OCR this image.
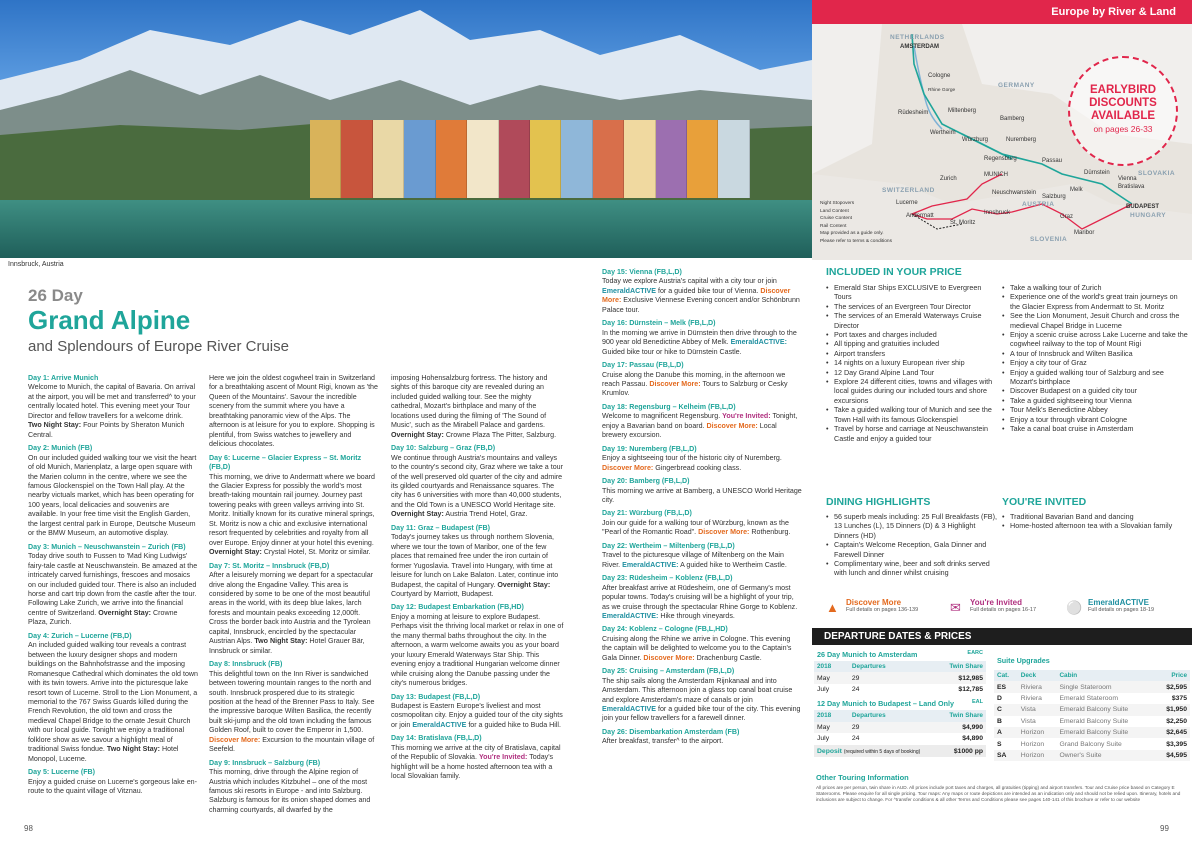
Innsbruck, Austria
26 Day
Grand Alpine
and Splendours of Europe River Cruise
Day 1: Arrive Munich
Welcome to Munich, the capital of Bavaria. On arrival at the airport, you will be met and transferred^ to your centrally located hotel. This evening meet your Tour Director and fellow travellers for a welcome drink. Two Night Stay: Four Points by Sheraton Munich Central.
Day 2: Munich (FB)
On our included guided walking tour we visit the heart of old Munich, Marienplatz, a large open square with the Marien column in the centre, where we see the famous Glockenspiel on the Town Hall play. At the nearby victuals market, which has been operating for 100 years, local delicacies and souvenirs are available. In your free time visit the English Garden, the largest central park in Europe, Deutsche Museum or the BMW Museum, an automotive display.
Day 3: Munich – Neuschwanstein – Zurich (FB)
Today drive south to Fussen to 'Mad King Ludwigs' fairy-tale castle at Neuschwanstein. Be amazed at the intricately carved furnishings, frescoes and mosaics on our included guided tour. There is also an included horse and cart trip down from the castle after the tour. Following Lake Zurich, we arrive into the financial centre of Switzerland. Overnight Stay: Crowne Plaza, Zurich.
Day 4: Zurich – Lucerne (FB,D)
An included guided walking tour reveals a contrast between the luxury designer shops and modern buildings on the Bahnhofstrasse and the imposing Romanesque Cathedral which dominates the old town with its twin towers. Arrive into the picturesque lake resort town of Lucerne. Stroll to the Lion Monument, a memorial to the 767 Swiss Guards killed during the French Revolution, the old town and cross the medieval Chapel Bridge to the ornate Jesuit Church with our local guide. Tonight we enjoy a traditional folklore show as we savour a highlight meal of traditional Swiss fondue. Two Night Stay: Hotel Monopol, Lucerne.
Day 5: Lucerne (FB)
Enjoy a guided cruise on Lucerne's gorgeous lake en-route to the quaint village of Vitznau.
Here we join the oldest cogwheel train in Switzerland for a breathtaking ascent of Mount Rigi, known as 'the Queen of the Mountains'. Savour the incredible scenery from the summit where you have a breathtaking panoramic view of the Alps. The afternoon is at leisure for you to explore. Shopping is plentiful, from Swiss watches to jewellery and delicious chocolates.
Day 6: Lucerne – Glacier Express – St. Moritz (FB,D)
This morning, we drive to Andermatt where we board the Glacier Express for possibly the world's most breath-taking mountain rail journey. Journey past towering peaks with green valleys arriving into St. Moritz. Initially known for its curative mineral springs, St. Moritz is now a chic and exclusive international resort frequented by celebrities and royalty from all over Europe. Enjoy dinner at your hotel this evening. Overnight Stay: Crystal Hotel, St. Moritz or similar.
Day 7: St. Moritz – Innsbruck (FB,D)
After a leisurely morning we depart for a spectacular drive along the Engadine Valley. This area is considered by some to be one of the most beautiful areas in the world, with its deep blue lakes, larch forests and mountain peaks exceeding 12,000ft. Cross the border back into Austria and the Tyrolean capital, Innsbruck, encircled by the spectacular Austrian Alps. Two Night Stay: Hotel Grauer Bär, Innsbruck or similar.
Day 8: Innsbruck (FB)
This delightful town on the Inn River is sandwiched between towering mountain ranges to the north and south. Innsbruck prospered due to its strategic position at the head of the Brenner Pass to Italy. See the impressive baroque Wilten Basilica, the recently built ski-jump and the old town including the famous Golden Roof, built to cover the Emperor in 1,500. Discover More: Excursion to the mountain village of Seefeld.
Day 9: Innsbruck – Salzburg (FB)
This morning, drive through the Alpine region of Austria which includes Kitzbuhel – one of the most famous ski resorts in Europe - and into Salzburg. Salzburg is famous for its onion shaped domes and charming courtyards, all dwarfed by the
imposing Hohensalzburg fortress. The history and sights of this baroque city are revealed during an included guided walking tour. See the mighty cathedral, Mozart's birthplace and many of the locations used during the filming of 'The Sound of Music', such as the Mirabell Palace and gardens. Overnight Stay: Crowne Plaza The Pitter, Salzburg.
Day 10: Salzburg – Graz (FB,D)
We continue through Austria's mountains and valleys to the country's second city, Graz where we take a tour of the well preserved old quarter of the city and admire its gilded courtyards and Renaissance squares. The city has 6 universities with more than 40,000 students, and the Old Town is a UNESCO World Heritage site. Overnight Stay: Austria Trend Hotel, Graz.
Day 11: Graz – Budapest (FB)
Today's journey takes us through northern Slovenia, where we tour the town of Maribor, one of the few places that remained free under the iron curtain of former Yugoslavia. Travel into Hungary, with time at leisure for lunch on Lake Balaton. Later, continue into Budapest, the capital of Hungary. Overnight Stay: Courtyard by Marriott, Budapest.
Day 12: Budapest Embarkation (FB,HD)
Enjoy a morning at leisure to explore Budapest. Perhaps visit the thriving local market or relax in one of the many thermal baths throughout the city. In the afternoon, a warm welcome awaits you as your board your luxury Emerald Waterways Star Ship. This evening enjoy a traditional Hungarian welcome dinner while cruising along the Danube passing under the city's numerous bridges.
Day 13: Budapest (FB,L,D)
Budapest is Eastern Europe's liveliest and most cosmopolitan city. Enjoy a guided tour of the city sights or join EmeraldACTIVE for a guided hike to Buda Hill.
Day 14: Bratislava (FB,L,D)
This morning we arrive at the city of Bratislava, capital of the Republic of Slovakia. You're Invited: Today's highlight will be a home hosted afternoon tea with a local Slovakian family.
Day 15: Vienna (FB,L,D)
Today we explore Austria's capital with a city tour or join EmeraldACTIVE for a guided bike tour of Vienna. Discover More: Exclusive Viennese Evening concert and/or Schönbrunn Palace tour.
Day 16: Dürnstein – Melk (FB,L,D)
In the morning we arrive in Dürnstein then drive through to the 900 year old Benedictine Abbey of Melk. EmeraldACTIVE: Guided bike tour or hike to Dürnstein Castle.
Day 17: Passau (FB,L,D)
Cruise along the Danube this morning, in the afternoon we reach Passau. Discover More: Tours to Salzburg or Cesky Krumlov.
Day 18: Regensburg – Kelheim (FB,L,D)
Welcome to magnificent Regensburg. You're Invited: Tonight, enjoy a Bavarian band on board. Discover More: Local brewery excursion.
Day 19: Nuremberg (FB,L,D)
Enjoy a sightseeing tour of the historic city of Nuremberg. Discover More: Gingerbread cooking class.
Day 20: Bamberg (FB,L,D)
This morning we arrive at Bamberg, a UNESCO World Heritage city.
Day 21: Würzburg (FB,L,D)
Join our guide for a walking tour of Würzburg, known as the "Pearl of the Romantic Road". Discover More: Rothenburg.
Day 22: Wertheim – Miltenberg (FB,L,D)
Travel to the picturesque village of Miltenberg on the Main River. EmeraldACTIVE: A guided hike to Wertheim Castle.
Day 23: Rüdesheim – Koblenz (FB,L,D)
After breakfast arrive at Rüdesheim, one of Germany's most popular towns. Today's cruising will be a highlight of your trip, as we cruise through the spectacular Rhine Gorge to Koblenz. EmeraldACTIVE: Hike through vineyards.
Day 24: Koblenz – Cologne (FB,L,HD)
Cruising along the Rhine we arrive in Cologne. This evening the captain will be delighted to welcome you to the Captain's Gala Dinner. Discover More: Drachenburg Castle.
Day 25: Cruising – Amsterdam (FB,L,D)
The ship sails along the Amsterdam Rijnkanaal and into Amsterdam. This afternoon join a glass top canal boat cruise and explore Amsterdam's maze of canals or join EmeraldACTIVE for a guided bike tour of the city. This evening join your fellow travellers for a farewell dinner.
Day 26: Disembarkation Amsterdam (FB)
After breakfast, transfer^ to the airport.
98	99
Europe by River & Land
NETHERLANDS
GERMANY
SWITZERLAND
AUSTRIA
SLOVENIA
SLOVAKIA
HUNGARY
AMSTERDAM
Cologne
Rhine Gorge
Rüdesheim	Miltenberg
Bamberg
Wertheim
Würzburg	Nuremberg
Regensburg	Passau
Dürnstein
Vienna
Bratislava
Melk
Salzburg
MUNICH
Neuschwanstein
Zurich
Lucerne
Andermatt	Innsbruck
St. Moritz
Graz
Maribor
BUDAPEST
EARLYBIRD
DISCOUNTS
AVAILABLE
on pages 26-33
Night Stopovers
Land Content
Cruise Content
Rail Content
Map provided as a guide only.
Please refer to terms & conditions
INCLUDED IN YOUR PRICE
• Emerald Star Ships EXCLUSIVE to Evergreen Tours
• The services of an Evergreen Tour Director
• The services of an Emerald Waterways Cruise Director
• Port taxes and charges included
• All tipping and gratuities included
• Airport transfers
• 14 nights on a luxury European river ship
• 12 Day Grand Alpine Land Tour
• Explore 24 different cities, towns and villages with local guides during our included tours and shore excursions
• Take a guided walking tour of Munich and see the Town Hall with its famous Glockenspiel
• Travel by horse and carriage at Neuschwanstein Castle and enjoy a guided tour
• Take a walking tour of Zurich
• Experience one of the world's great train journeys on the Glacier Express from Andermatt to St. Moritz
• See the Lion Monument, Jesuit Church and cross the medieval Chapel Bridge in Lucerne
• Enjoy a scenic cruise across Lake Lucerne and take the cogwheel railway to the top of Mount Rigi
• A tour of Innsbruck and Wilten Basilica
• Enjoy a city tour of Graz
• Enjoy a guided walking tour of Salzburg and see Mozart's birthplace
• Discover Budapest on a guided city tour
• Take a guided sightseeing tour Vienna
• Tour Melk's Benedictine Abbey
• Enjoy a tour through vibrant Cologne
• Take a canal boat cruise in Amsterdam
DINING HIGHLIGHTS
• 56 superb meals including: 25 Full Breakfasts (FB), 13 Lunches (L), 15 Dinners (D) & 3 Highlight Dinners (HD)
• Captain's Welcome Reception, Gala Dinner and Farewell Dinner
• Complimentary wine, beer and soft drinks served with lunch and dinner whilst cruising
YOU'RE INVITED
• Traditional Bavarian Band and dancing
• Home-hosted afternoon tea with a Slovakian family
▲ Discover More
Full details on pages 136-139 ✉ You're Invited
Full details on pages 16-17 ⚪ EmeraldACTIVE
Full details on pages 18-19
DEPARTURE DATES & PRICES
26 Day Munich to Amsterdam	EARC
2018	Departures	Twin Share
May	29	$12,985
July	24	$12,785
12 Day Munich to Budapest – Land Only	EAL
2018	Departures	Twin Share
May	29	$4,990
July	24	$4,890
Deposit (required within 5 days of booking)	$1000 pp
Suite Upgrades
Cat.	Deck	Cabin	Price
ES	Riviera	Single Stateroom	$2,595
D	Riviera	Emerald Stateroom	$375
C	Vista	Emerald Balcony Suite	$1,950
B	Vista	Emerald Balcony Suite	$2,250
A	Horizon	Emerald Balcony Suite	$2,645
S	Horizon	Grand Balcony Suite	$3,395
SA	Horizon	Owner's Suite	$4,595
Other Touring Information
All prices are per person, twin share in AUD. All prices include port taxes and charges, all gratuities (tipping) and airport transfers. Tour and Cruise price based on Category E Staterooms. Please enquire for all single pricing. Tour maps: Any maps or route depictions are intended as an indication only and should not be relied upon. Itinerary, hotels and inclusions are subject to change. For ^transfer conditions & all other Terms and Conditions please see pages 140-141 of this brochure or refer to our website
